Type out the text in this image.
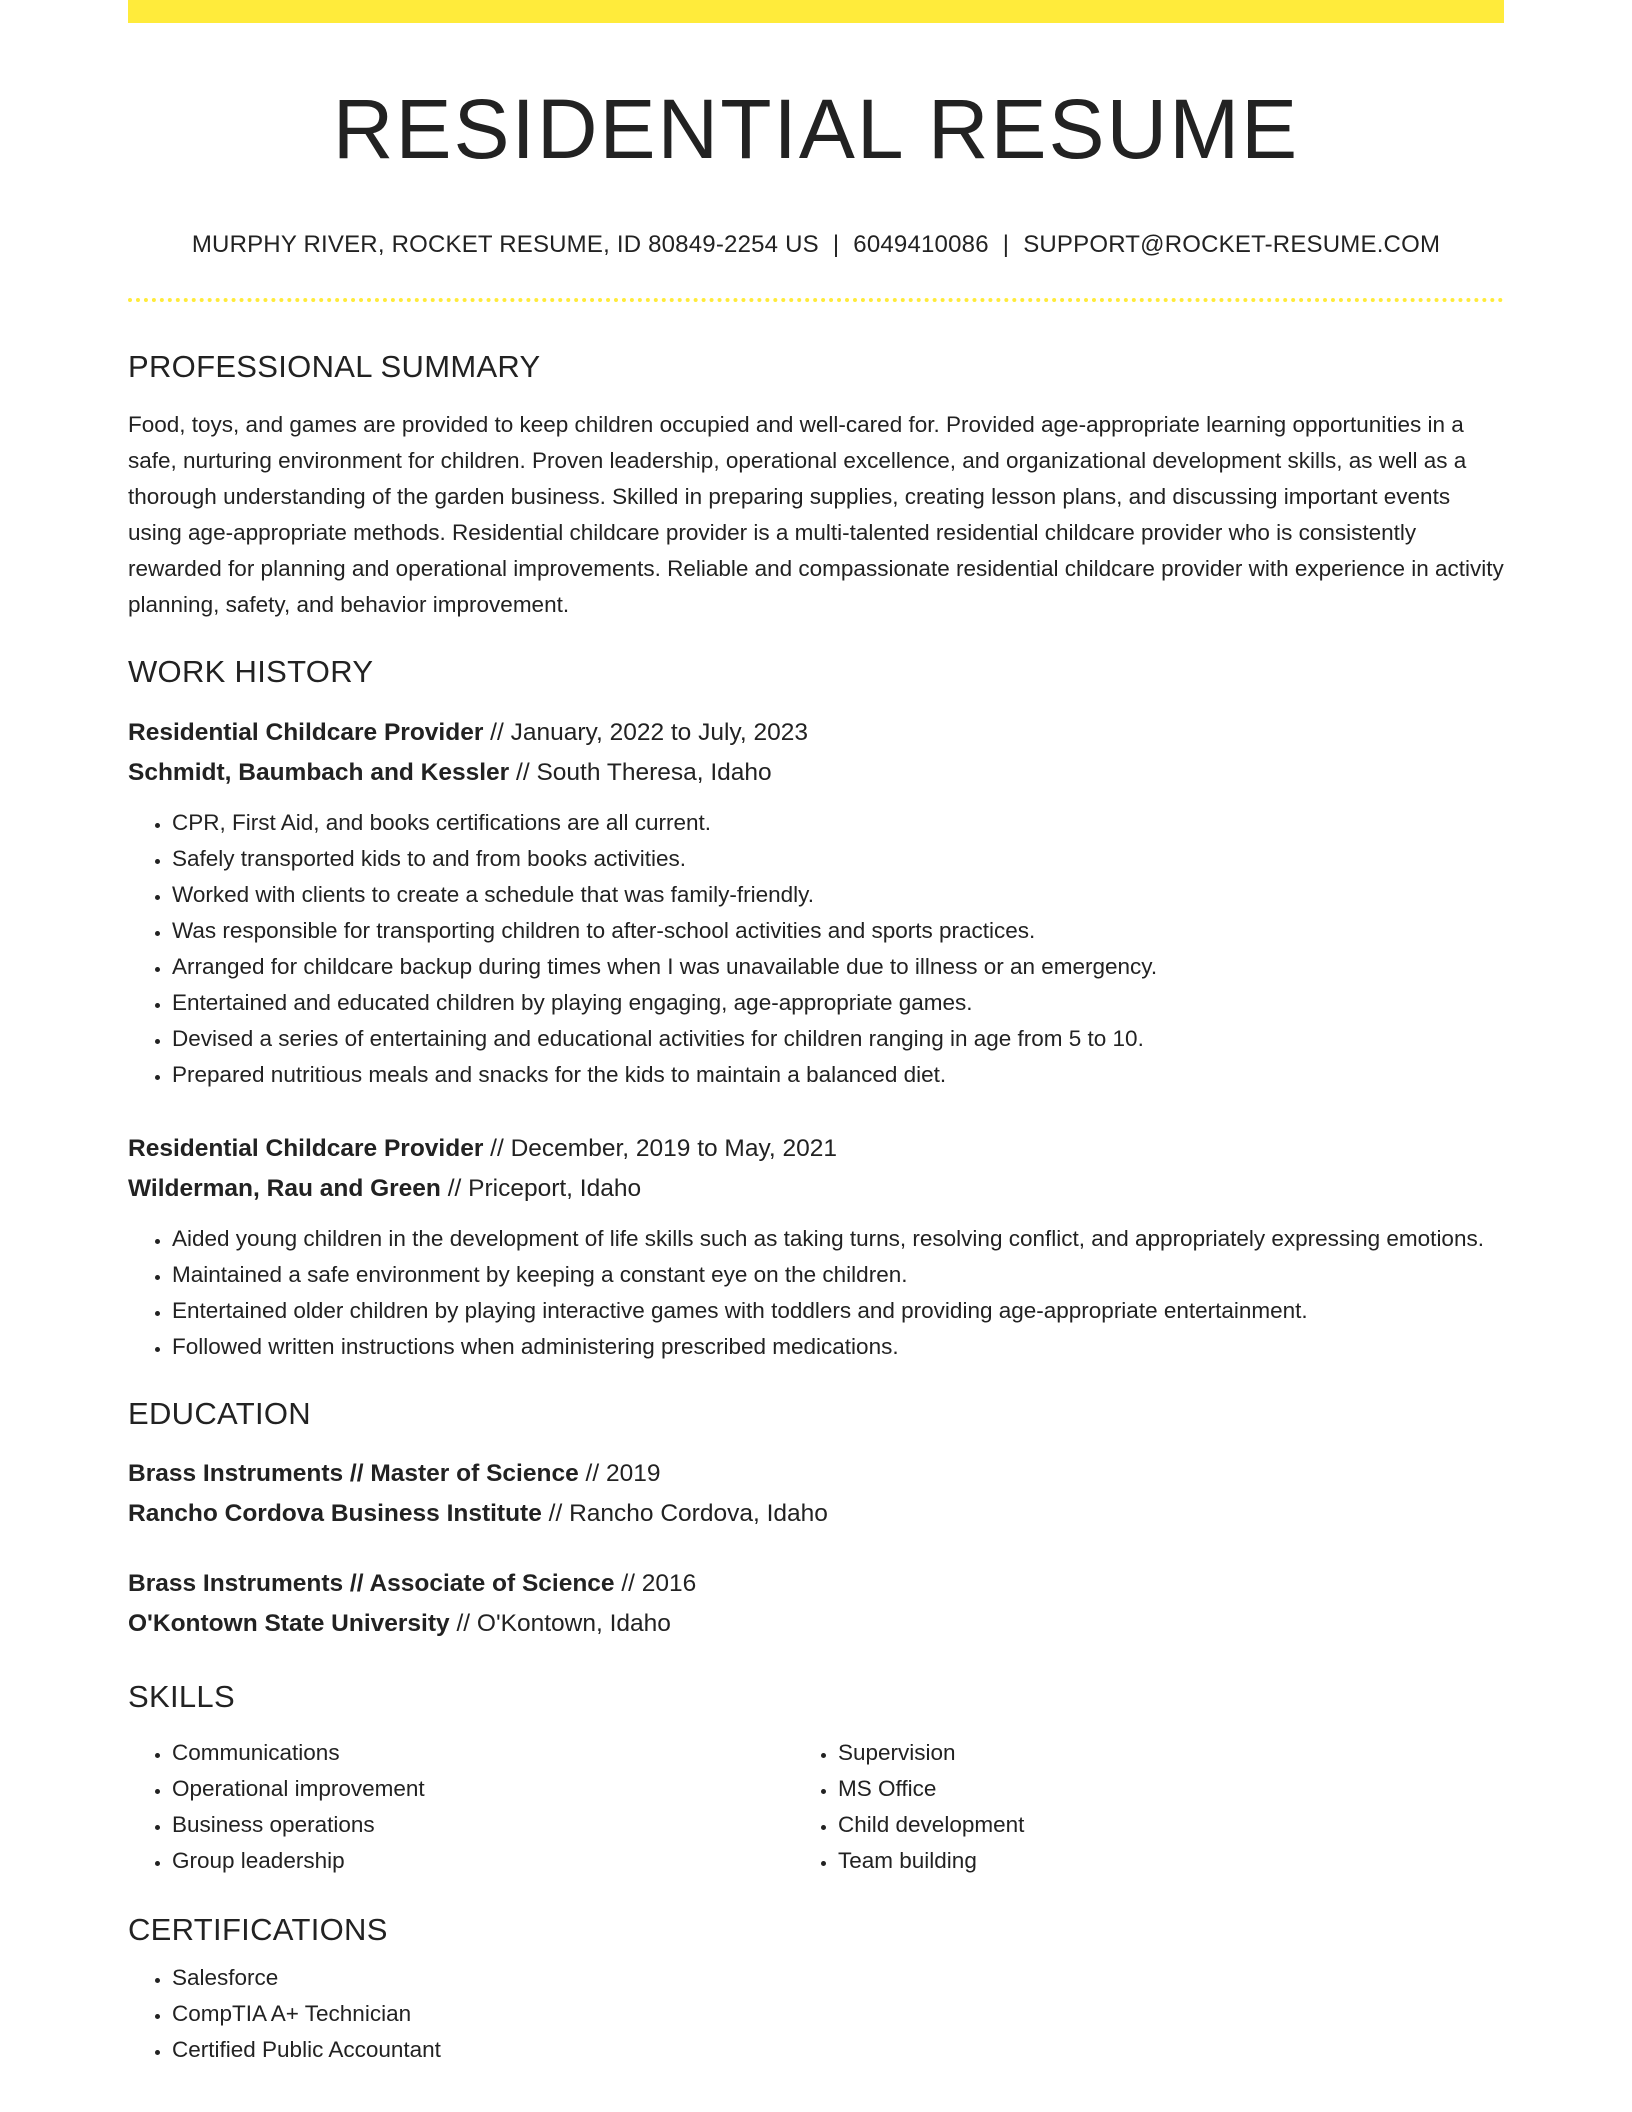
RESIDENTIAL RESUME
MURPHY RIVER, ROCKET RESUME, ID 80849-2254 US | 6049410086 | SUPPORT@ROCKET-RESUME.COM
PROFESSIONAL SUMMARY

Food, toys, and games are provided to keep children occupied and well-cared for. Provided age-appropriate learning opportunities in a safe, nurturing environment for children. Proven leadership, operational excellence, and organizational development skills, as well as a thorough understanding of the garden business. Skilled in preparing supplies, creating lesson plans, and discussing important events using age-appropriate methods. Residential childcare provider is a multi-talented residential childcare provider who is consistently rewarded for planning and operational improvements. Reliable and compassionate residential childcare provider with experience in activity planning, safety, and behavior improvement.

WORK HISTORY
Residential Childcare Provider // January, 2022 to July, 2023
Schmidt, Baumbach and Kessler // South Theresa, Idaho
• CPR, First Aid, and books certifications are all current.
• Safely transported kids to and from books activities.
• Worked with clients to create a schedule that was family-friendly.
• Was responsible for transporting children to after-school activities and sports practices.
• Arranged for childcare backup during times when I was unavailable due to illness or an emergency.
• Entertained and educated children by playing engaging, age-appropriate games.
• Devised a series of entertaining and educational activities for children ranging in age from 5 to 10.
• Prepared nutritious meals and snacks for the kids to maintain a balanced diet.
Residential Childcare Provider // December, 2019 to May, 2021
Wilderman, Rau and Green // Priceport, Idaho
• Aided young children in the development of life skills such as taking turns, resolving conflict, and appropriately expressing emotions.
• Maintained a safe environment by keeping a constant eye on the children.
• Entertained older children by playing interactive games with toddlers and providing age-appropriate entertainment.
• Followed written instructions when administering prescribed medications.
EDUCATION
Brass Instruments // Master of Science // 2019
Rancho Cordova Business Institute // Rancho Cordova, Idaho
Brass Instruments // Associate of Science // 2016
O'Kontown State University // O'Kontown, Idaho
SKILLS
• Communications
• Operational improvement
• Business operations
• Group leadership
• Supervision
• MS Office
• Child development
• Team building
CERTIFICATIONS
• Salesforce
• CompTIA A+ Technician
• Certified Public Accountant
